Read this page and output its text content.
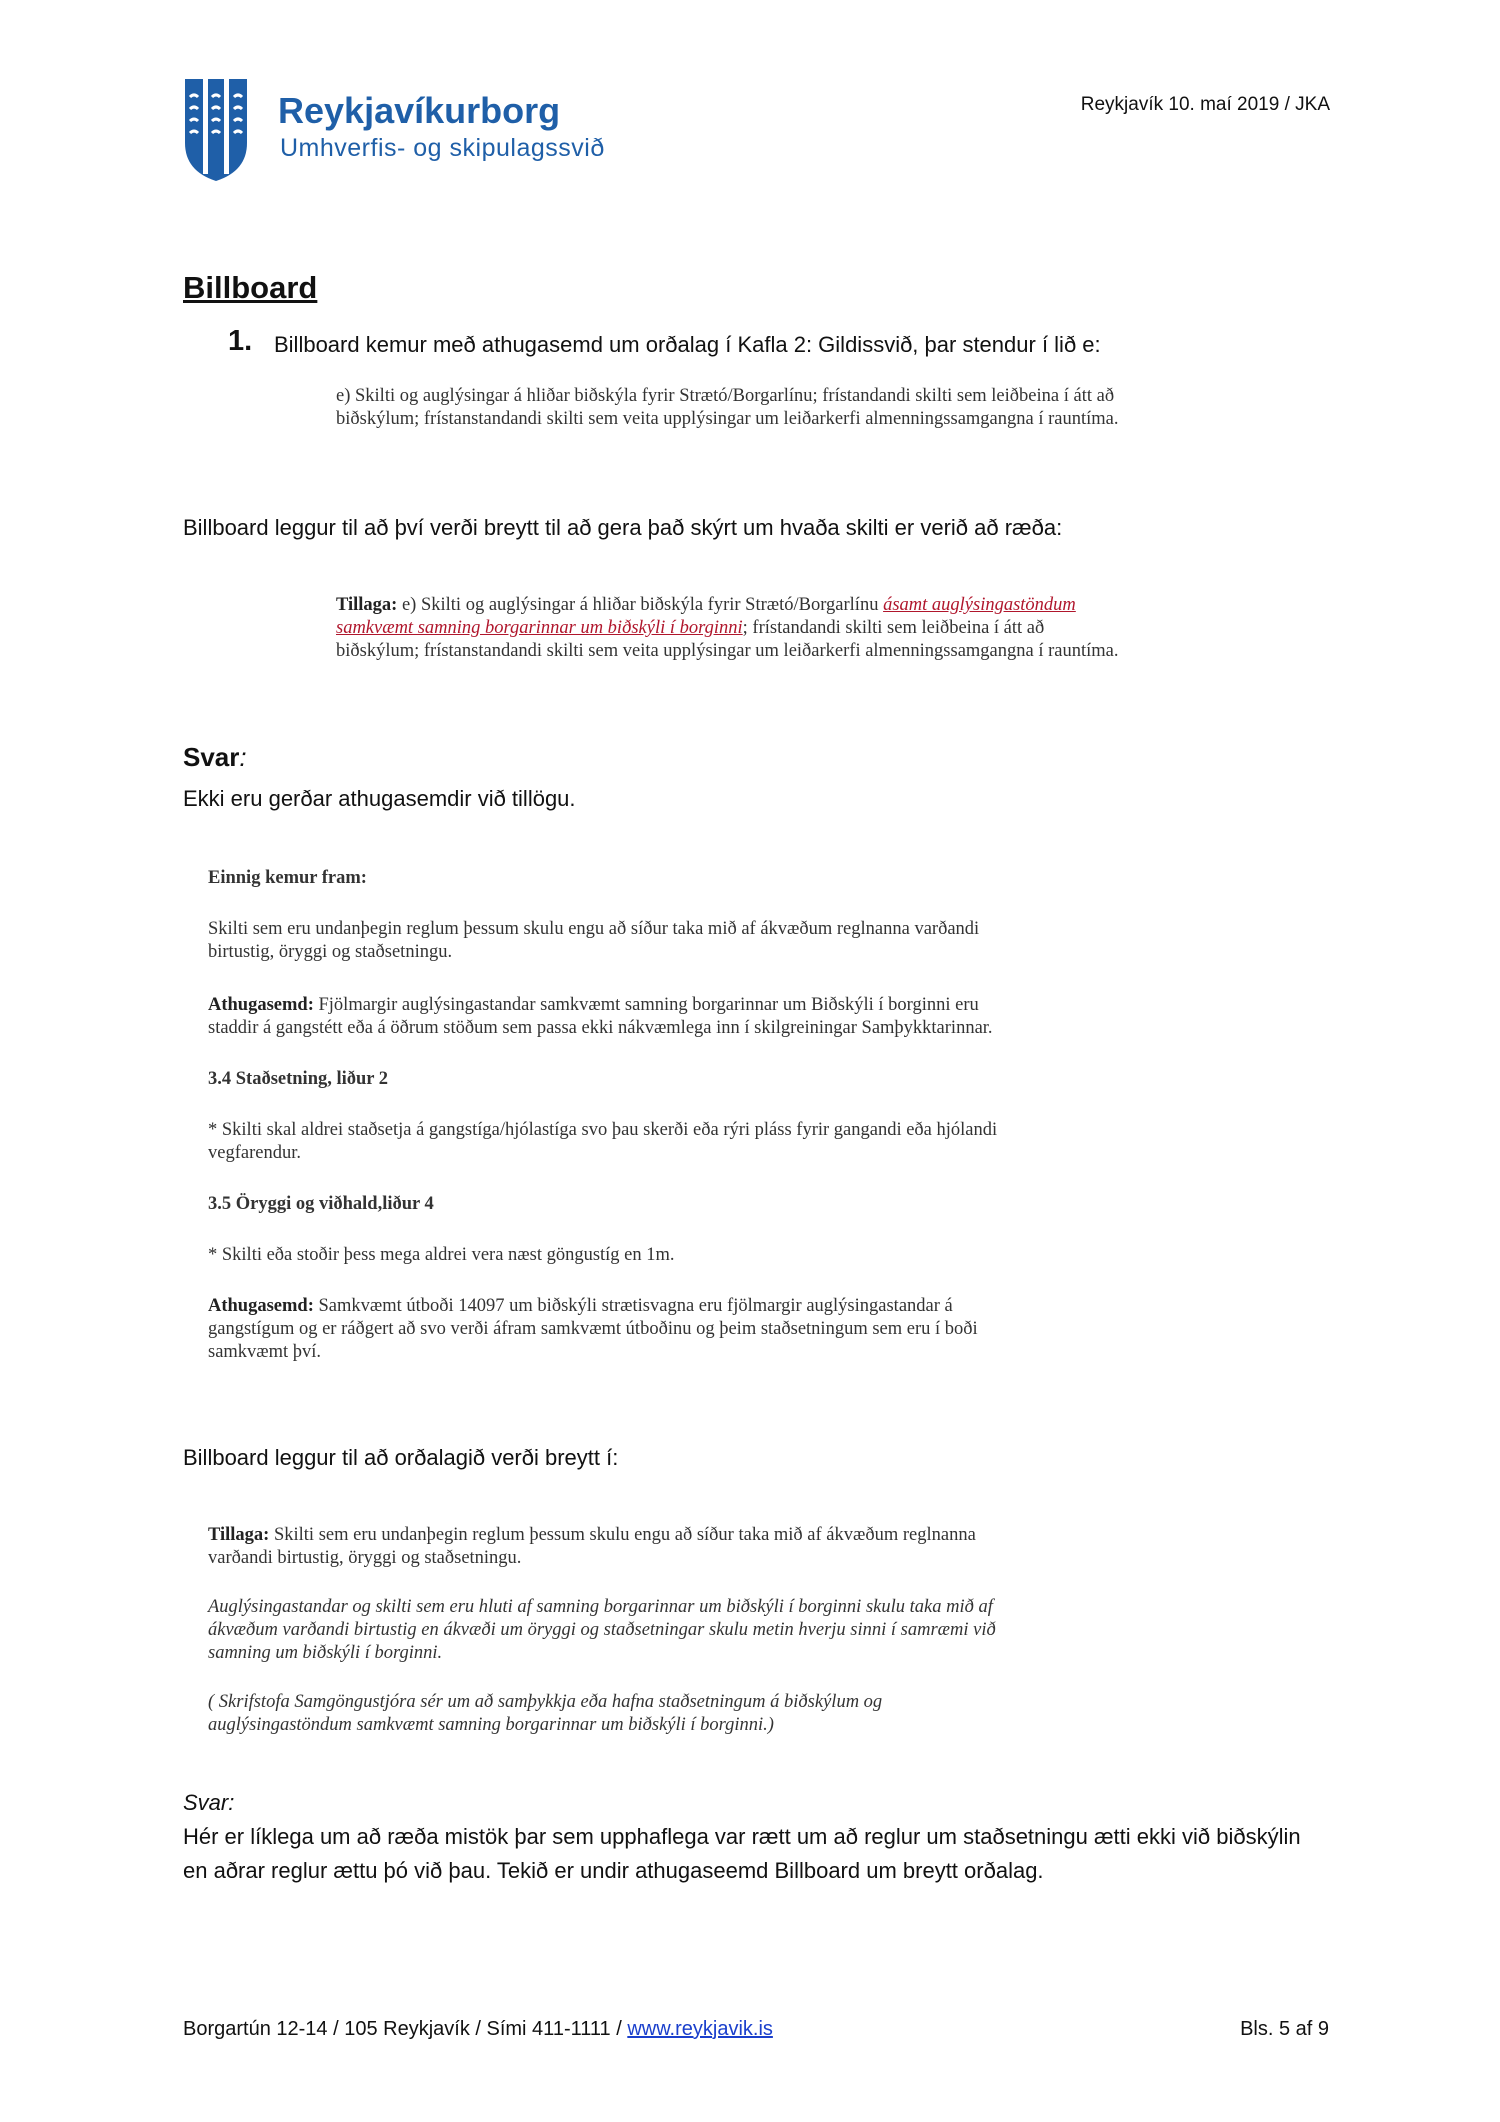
Reykjavíkurborg
Umhverfis- og skipulagssvið
Reykjavík 10. maí 2019 / JKA
Billboard
1. Billboard kemur með athugasemd um orðalag í Kafla 2: Gildissvið, þar stendur í lið e:
e) Skilti og auglýsingar á hliðar biðskýla fyrir Strætó/Borgarlínu; frístandandi skilti sem leiðbeina í átt að biðskýlum; frístanstandandi skilti sem veita upplýsingar um leiðarkerfi almenningssamgangna í rauntíma.
Billboard leggur til að því verði breytt til að gera það skýrt um hvaða skilti er verið að ræða:
Tillaga: e) Skilti og auglýsingar á hliðar biðskýla fyrir Strætó/Borgarlínu ásamt auglýsingastöndum samkvæmt samning borgarinnar um biðskýli í borginni; frístandandi skilti sem leiðbeina í átt að biðskýlum; frístanstandandi skilti sem veita upplýsingar um leiðarkerfi almenningssamgangna í rauntíma.
Svar:
Ekki eru gerðar athugasemdir við tillögu.

Einnig kemur fram:

Skilti sem eru undanþegin reglum þessum skulu engu að síður taka mið af ákvæðum reglnanna varðandi birtustig, öryggi og staðsetningu.

Athugasemd: Fjölmargir auglýsingastandar samkvæmt samning borgarinnar um Biðskýli í borginni eru staddir á gangstétt eða á öðrum stöðum sem passa ekki nákvæmlega inn í skilgreiningar Samþykktarinnar.

3.4 Staðsetning, liður 2

* Skilti skal aldrei staðsetja á gangstíga/hjólastíga svo þau skerði eða rýri pláss fyrir gangandi eða hjólandi vegfarendur.

3.5 Öryggi og viðhald,liður 4

* Skilti eða stoðir þess mega aldrei vera næst göngustíg en 1m.

Athugasemd: Samkvæmt útboði 14097 um biðskýli strætisvagna eru fjölmargir auglýsingastandar á gangstígum og er ráðgert að svo verði áfram samkvæmt útboðinu og þeim staðsetningum sem eru í boði samkvæmt því.

Billboard leggur til að orðalagið verði breytt í:

Tillaga: Skilti sem eru undanþegin reglum þessum skulu engu að síður taka mið af ákvæðum reglnanna varðandi birtustig, öryggi og staðsetningu.

Auglýsingastandar og skilti sem eru hluti af samning borgarinnar um biðskýli í borginni skulu taka mið af ákvæðum varðandi birtustig en ákvæði um öryggi og staðsetningar skulu metin hverju sinni í samræmi við samning um biðskýli í borginni.

( Skrifstofa Samgöngustjóra sér um að samþykkja eða hafna staðsetningum á biðskýlum og auglýsingastöndum samkvæmt samning borgarinnar um biðskýli í borginni.)

Svar:
Hér er líklega um að ræða mistök þar sem upphaflega var rætt um að reglur um staðsetningu ætti ekki við biðskýlin en aðrar reglur ættu þó við þau. Tekið er undir athugaseemd Billboard um breytt orðalag.
Borgartún 12-14 / 105 Reykjavík / Sími 411-1111 / www.reykjavik.is	Bls. 5 af 9
